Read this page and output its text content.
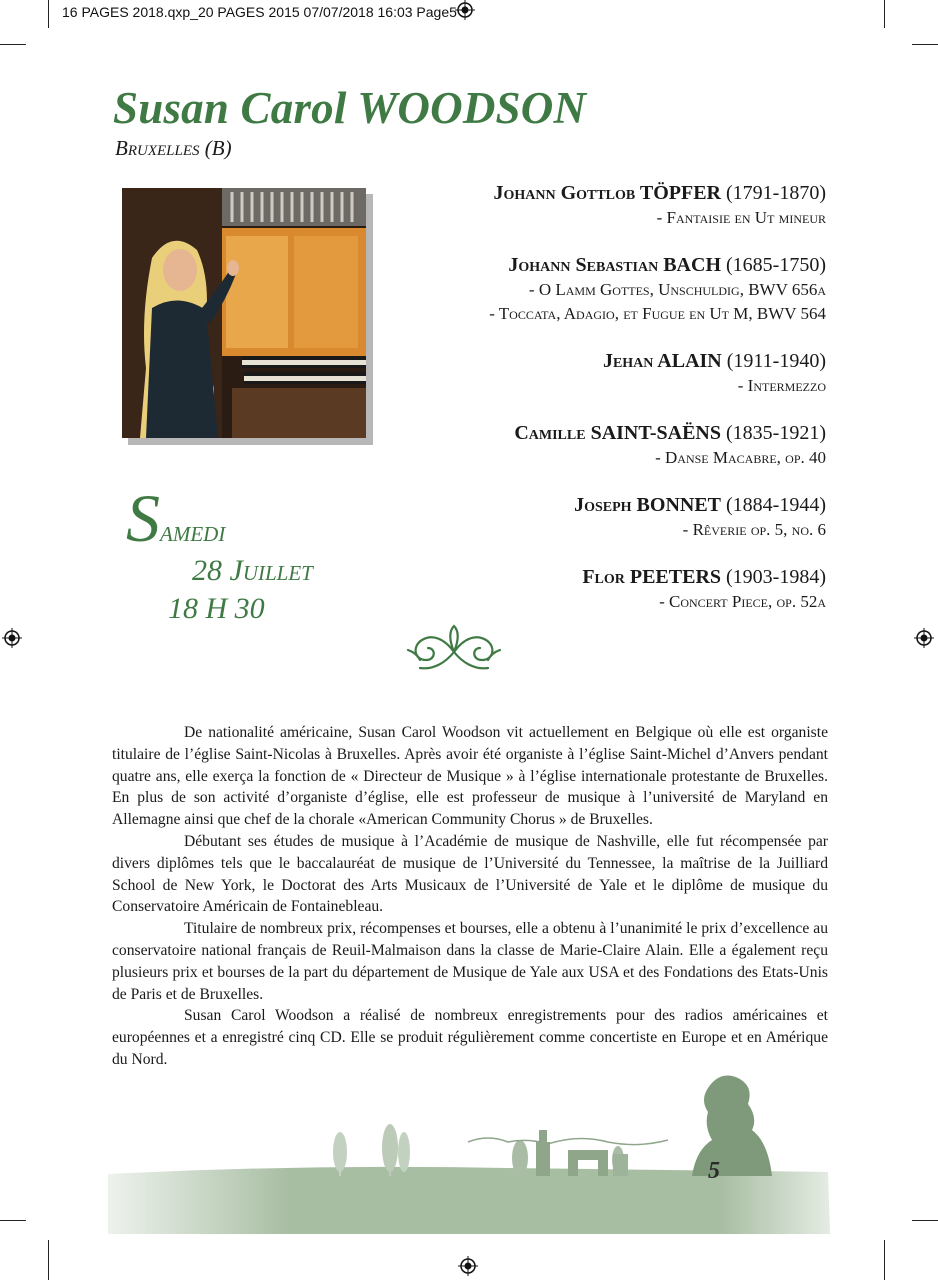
16 PAGES 2018.qxp_20 PAGES 2015 07/07/2018 16:03 Page5
Susan Carol WOODSON
Bruxelles (B)

Johann Gottlob TÖPFER (1791-1870)

- Fantaisie en Ut mineur

Johann Sebastian BACH (1685-1750)

- O Lamm Gottes, Unschuldig, BWV 656a

- Toccata, Adagio, et Fugue en Ut M, BWV 564

Jehan ALAIN (1911-1940)

- Intermezzo

Camille SAINT-SAËNS (1835-1921)

- Danse Macabre, op. 40

Joseph BONNET (1884-1944)

- Rêverie op. 5, no. 6

Flor PEETERS (1903-1984)

- Concert Piece, op. 52a

Samedi
28 Juillet
18 H 30

De nationalité américaine, Susan Carol Woodson vit actuellement en Belgique où elle est organiste titulaire de l’église Saint-Nicolas à Bruxelles. Après avoir été organiste à l’église Saint-Michel d’Anvers pendant quatre ans, elle exerça la fonction de « Directeur de Musique » à l’église internationale protestante de Bruxelles. En plus de son activité d’organiste d’église, elle est professeur de musique à l’université de Maryland en Allemagne ainsi que chef de la chorale «American Community Chorus » de Bruxelles.

Débutant ses études de musique à l’Académie de musique de Nashville, elle fut récompensée par divers diplômes tels que le baccalauréat de musique de l’Université du Tennessee, la maîtrise de la Juilliard School de New York, le Doctorat des Arts Musicaux de l’Université de Yale et le diplôme de musique du Conservatoire Américain de Fontainebleau.

Titulaire de nombreux prix, récompenses et bourses, elle a obtenu à l’unanimité le prix d’excellence au conservatoire national français de Reuil-Malmaison dans la classe de Marie-Claire Alain. Elle a également reçu plusieurs prix et bourses de la part du département de Musique de Yale aux USA et des Fondations des Etats-Unis de Paris et de Bruxelles.

Susan Carol Woodson a réalisé de nombreux enregistrements pour des radios américaines et européennes et a enregistré cinq CD. Elle se produit régulièrement comme concertiste en Europe et en Amérique du Nord.

5
